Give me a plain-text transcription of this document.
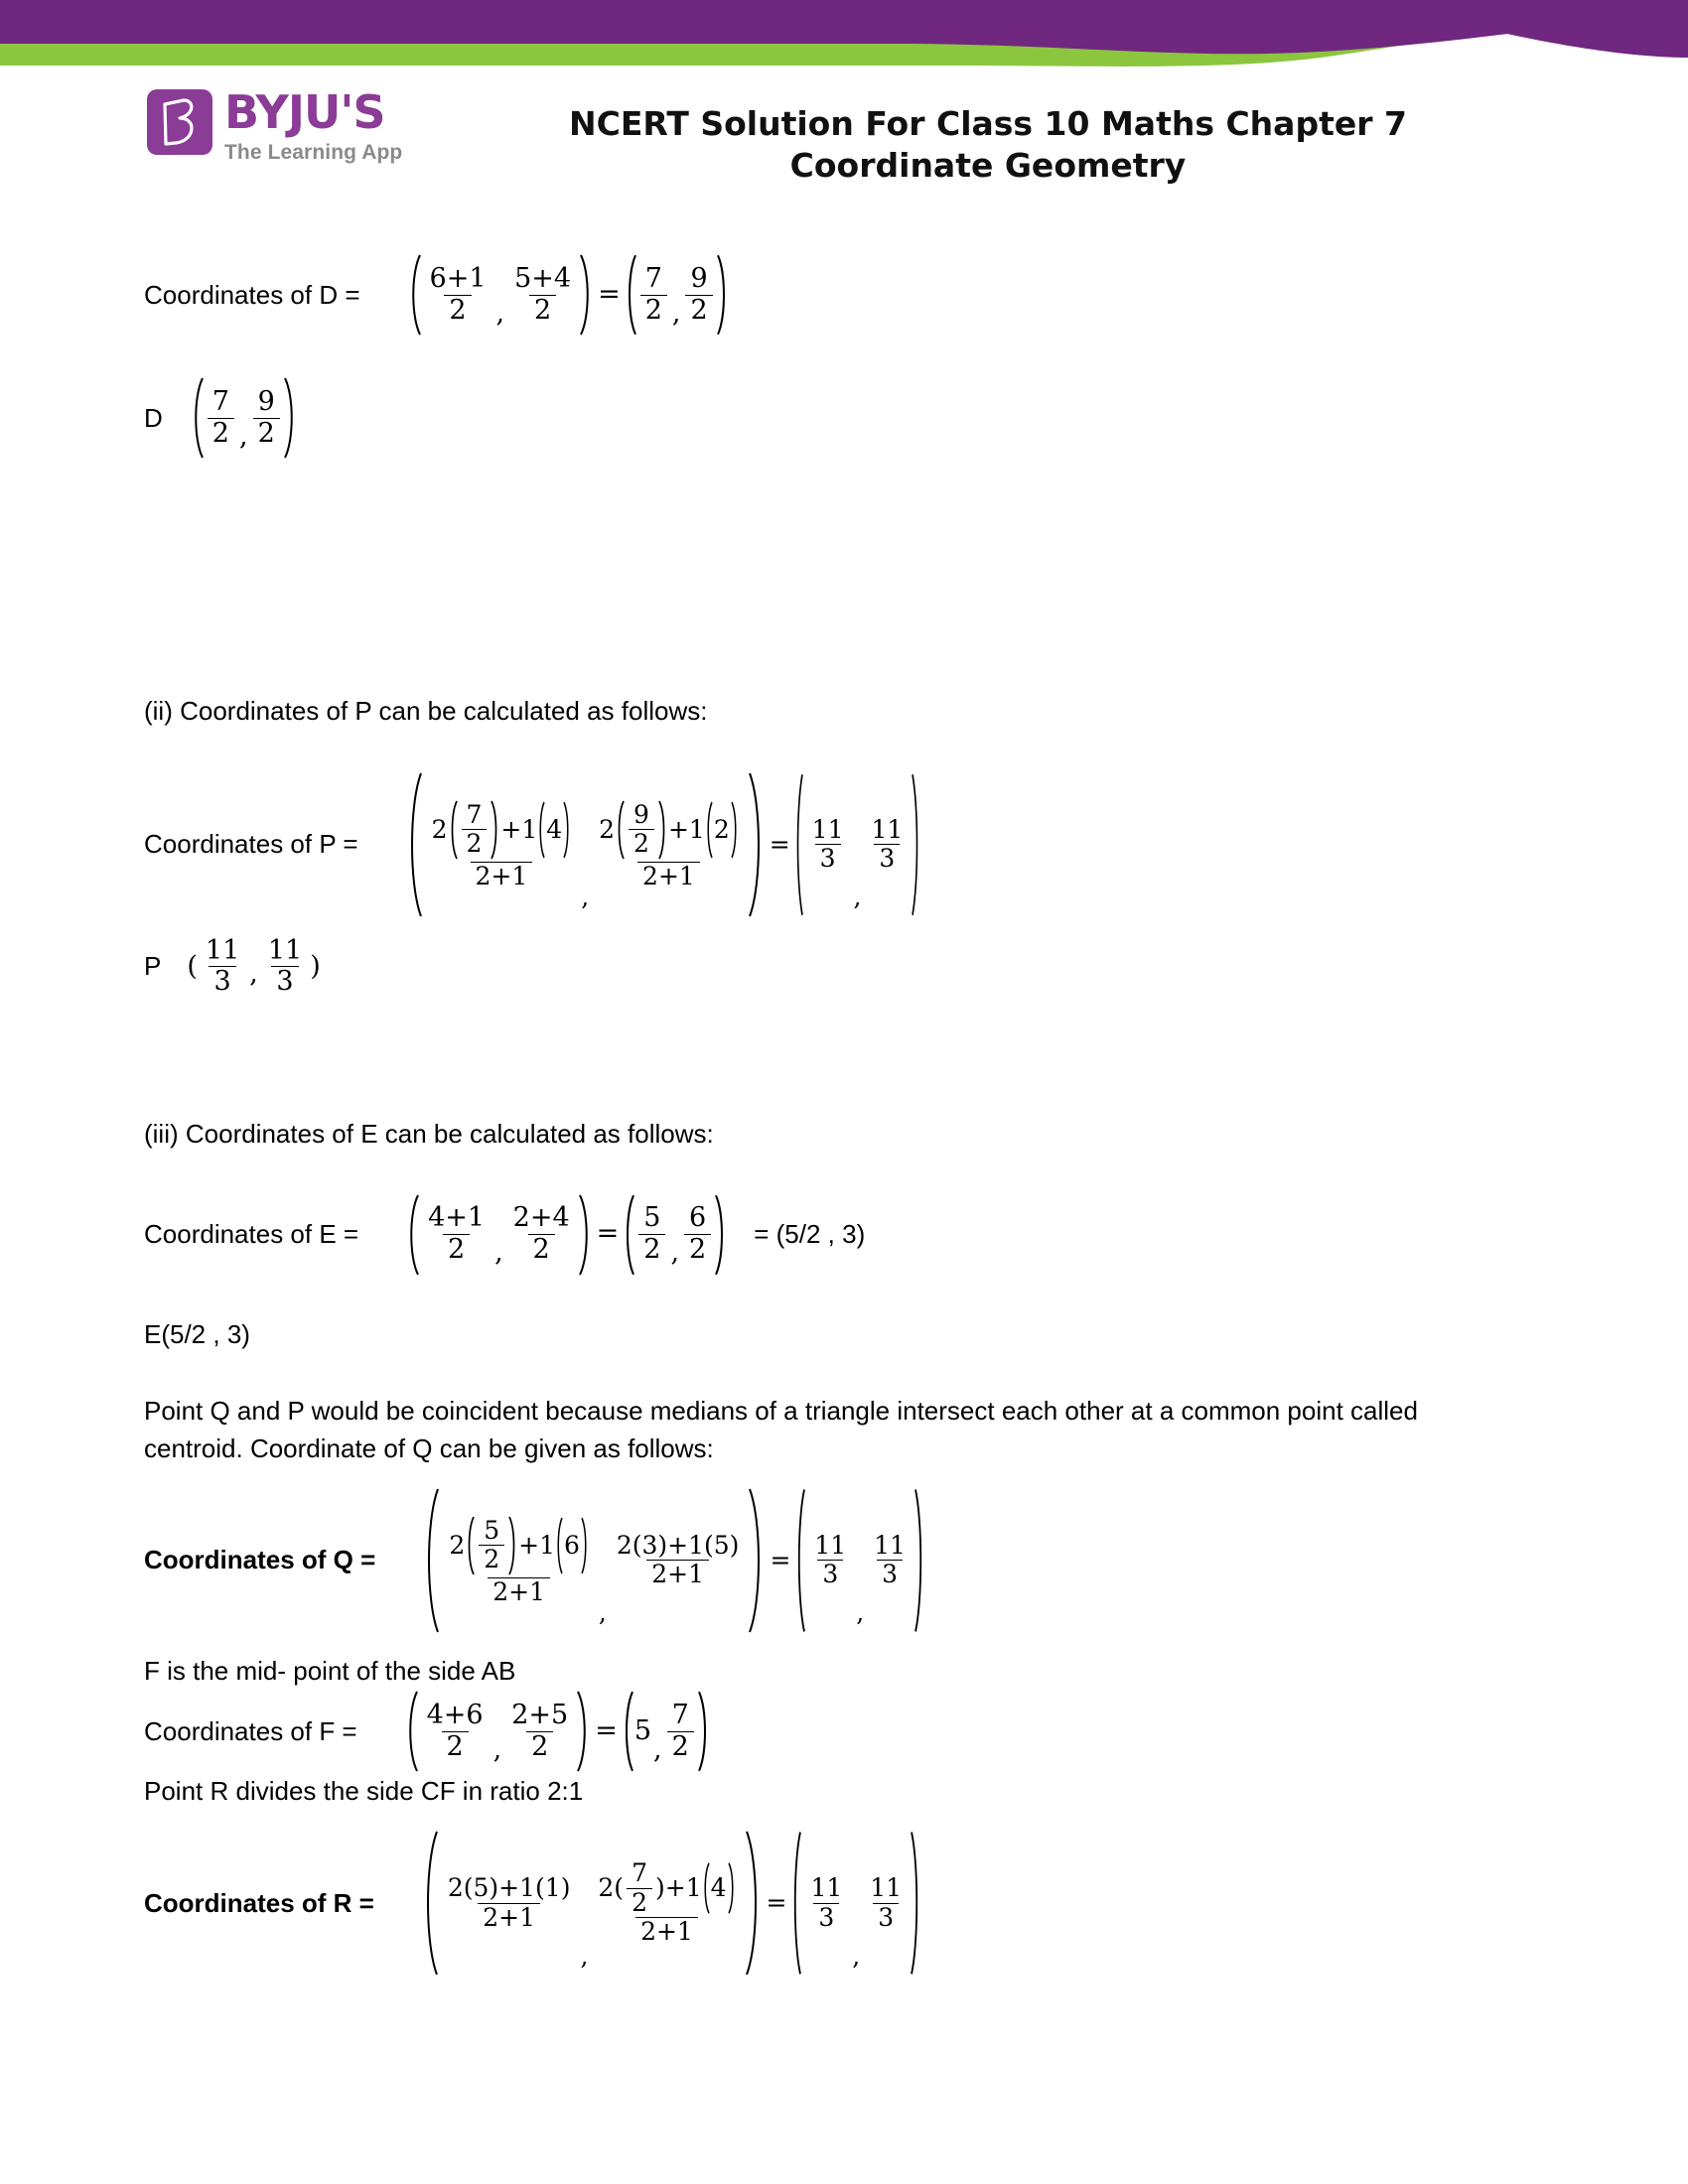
BYJU'S
The Learning App
NCERT Solution For Class 10 Maths Chapter 7
Coordinate Geometry
Coordinates of $D = \frac{6+1}{2}$ , $\frac{5+4}{2} = \frac{7}{2}$ , $\frac{9}{2}$
D $\frac{7}{2}$ , $\frac{9}{2}$
(ii) Coordinates of P can be calculated as follows:
Coordinates of P =
$2 \frac{7}{2} +1$ 4
2+1
,
$2 \frac{9}{2} +1$ 2
2+1
= $\frac{11}{3}$
,
$\frac{11}{3}$
P ( $\frac{11}{3}$ , $\frac{11}{3}$ )
(iii) Coordinates of E can be calculated as follows:
Coordinates of $E = \frac{4+1}{2}$ , $\frac{2+4}{2} = \frac{5}{2}$ , $\frac{6}{2} = (5/2$ , 3)
E(5/2 , 3)
Point Q and P would be coincident because medians of a triangle intersect each other at a common point called centroid. Coordinate of Q can be given as follows:
Coordinates of Q =
$2 \frac{5}{2} +1$ 6
2+1
,
$\frac{2(3)+1(5)}{2+1} = \frac{11}{3}$
,
$\frac{11}{3}$
F is the mid- point of the side AB
Coordinates of $F = \frac{4+6}{2}$ , $\frac{2+5}{2} = 5$
, $\frac{7}{2}$
Point R divides the side CF in ratio 2:1
Coordinates of R =	$\frac{2(5)+1(1)}{2+1}$
,
$2( \frac{7}{2}$ ) +1 4
2+1
= $\frac{11}{3}$
,
$\frac{11}{3}$
